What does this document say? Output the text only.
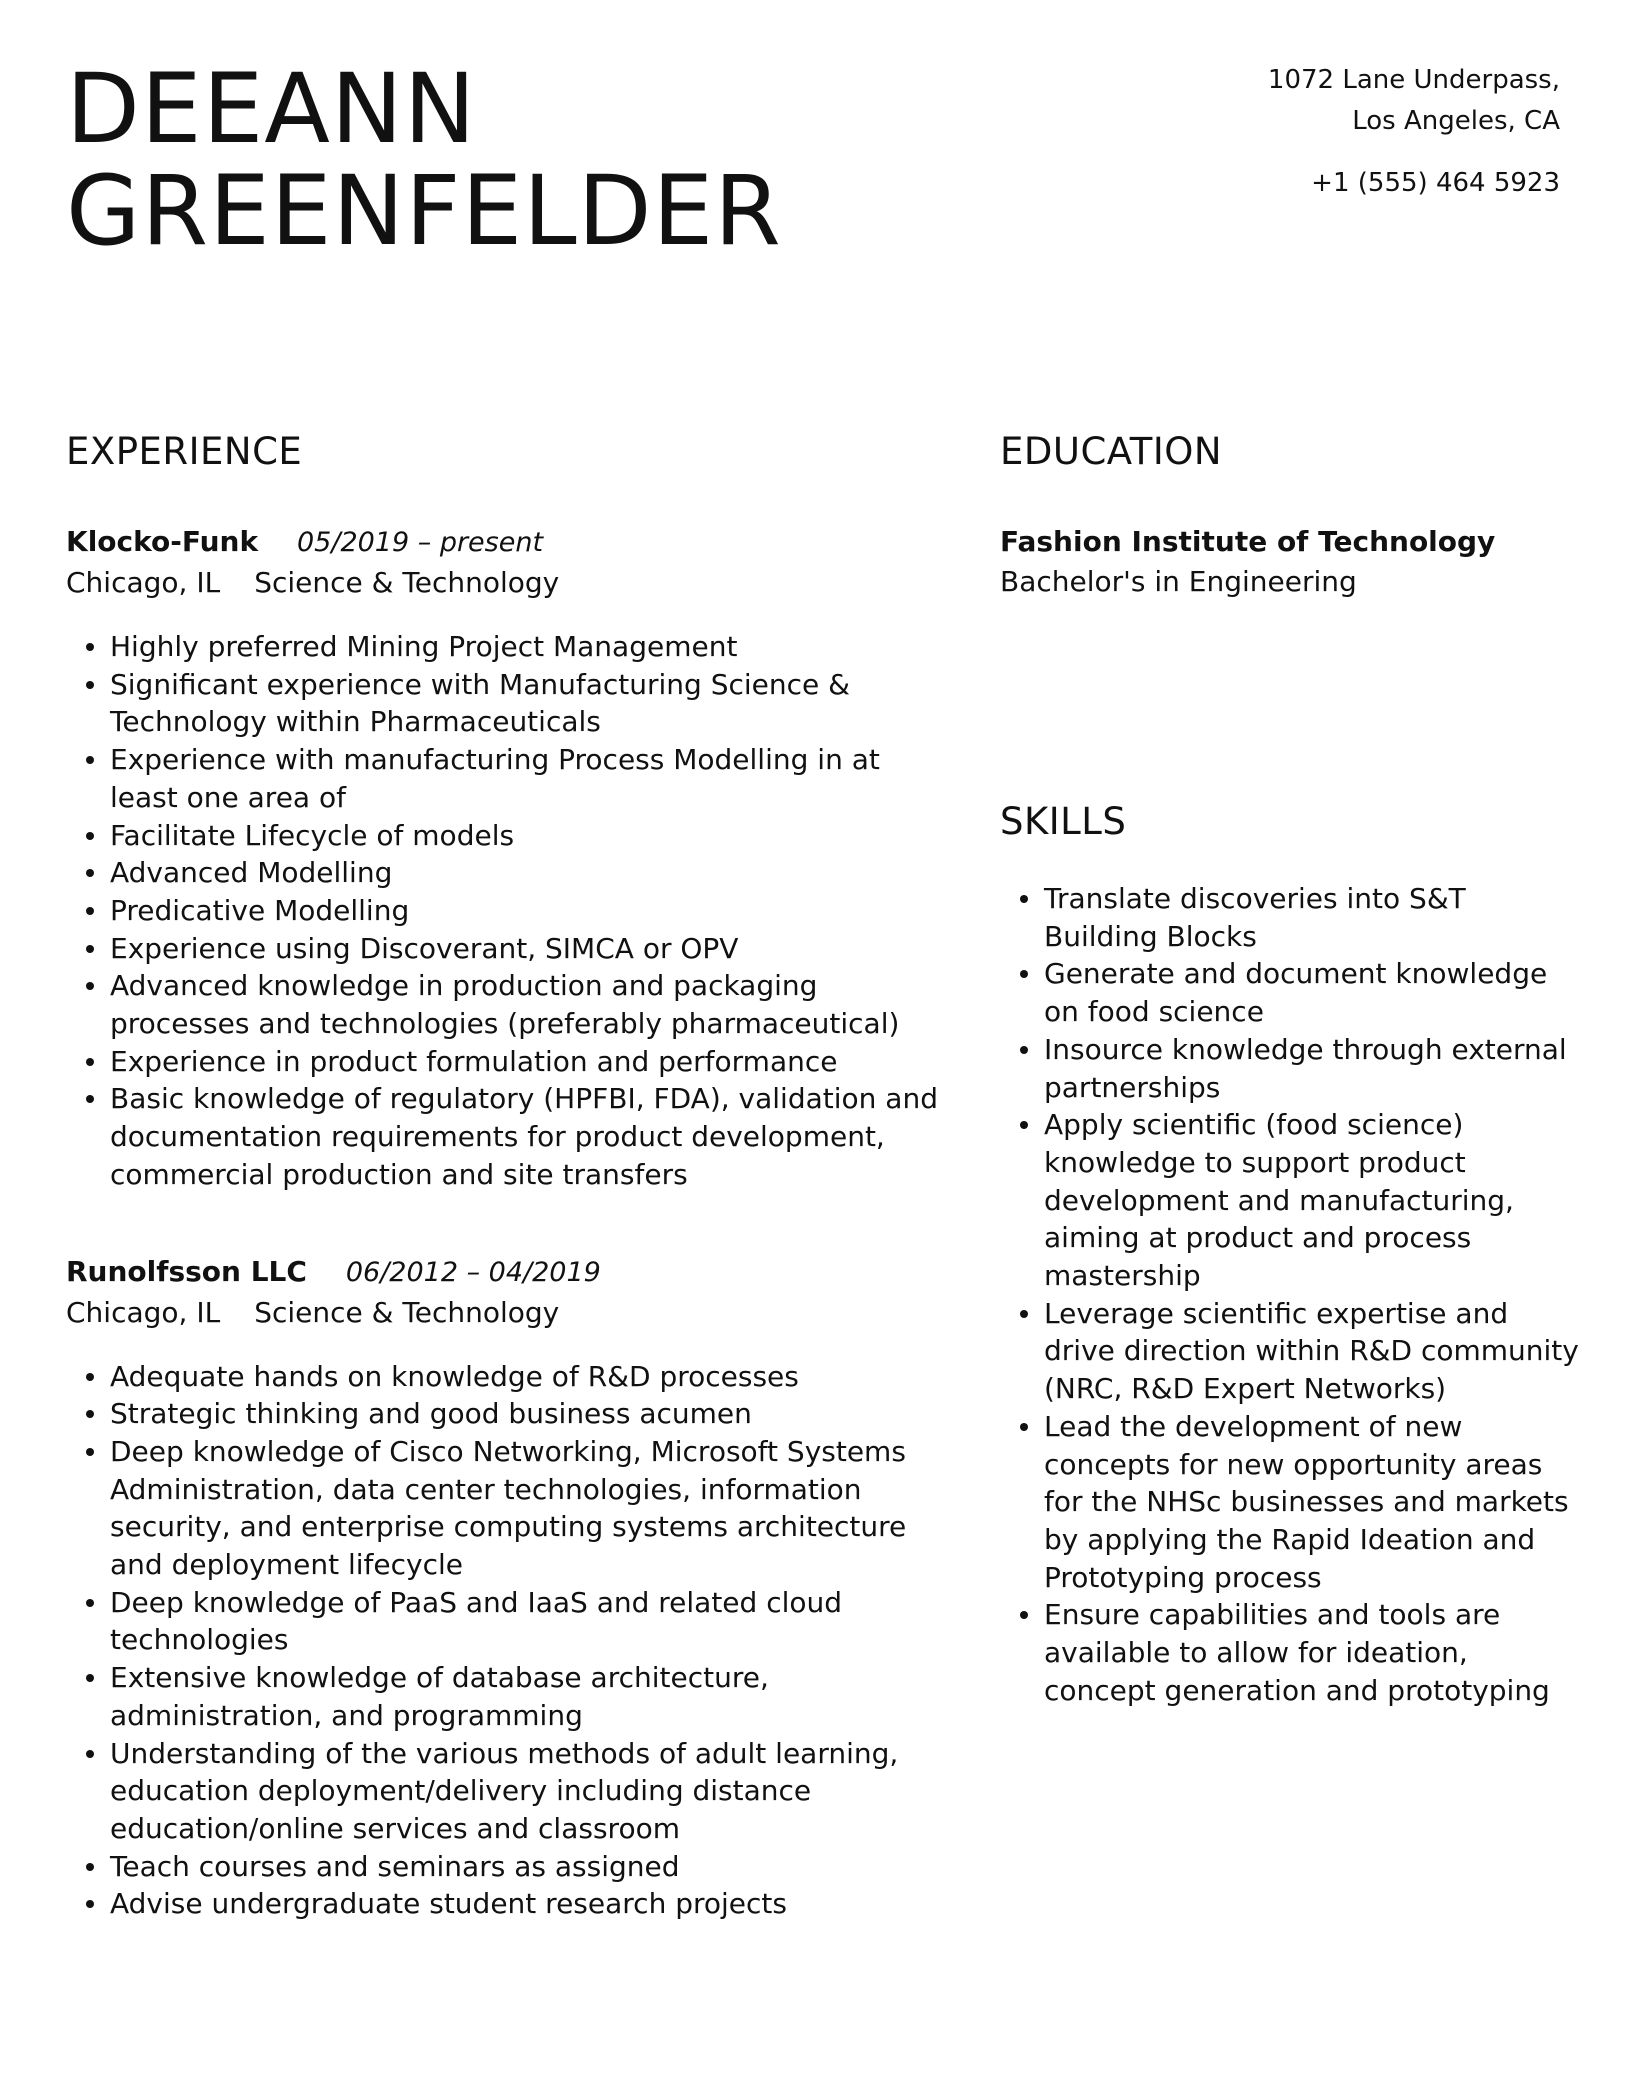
DEEANN
GREENFELDER
1072 Lane Underpass,
Los Angeles, CA
+1 (555) 464 5923
EXPERIENCE
Klocko-Funk 05/2019 – present
Chicago, IL Science & Technology
Highly preferred Mining Project Management
Significant experience with Manufacturing Science & Technology within Pharmaceuticals
Experience with manufacturing Process Modelling in at least one area of
Facilitate Lifecycle of models
Advanced Modelling
Predicative Modelling
Experience using Discoverant, SIMCA or OPV
Advanced knowledge in production and packaging processes and technologies (preferably pharmaceutical)
Experience in product formulation and performance
Basic knowledge of regulatory (HPFBI, FDA), validation and documentation requirements for product development, commercial production and site transfers
Runolfsson LLC 06/2012 – 04/2019
Chicago, IL Science & Technology
Adequate hands on knowledge of R&D processes
Strategic thinking and good business acumen
Deep knowledge of Cisco Networking, Microsoft Systems Administration, data center technologies, information security, and enterprise computing systems architecture and deployment lifecycle
Deep knowledge of PaaS and IaaS and related cloud technologies
Extensive knowledge of database architecture, administration, and programming
Understanding of the various methods of adult learning, education deployment/delivery including distance education/online services and classroom
Teach courses and seminars as assigned
Advise undergraduate student research projects
EDUCATION
Fashion Institute of Technology
Bachelor's in Engineering
SKILLS
Translate discoveries into S&T Building Blocks
Generate and document knowledge on food science
Insource knowledge through external partnerships
Apply scientific (food science) knowledge to support product development and manufacturing, aiming at product and process mastership
Leverage scientific expertise and drive direction within R&D community (NRC, R&D Expert Networks)
Lead the development of new concepts for new opportunity areas for the NHSc businesses and markets by applying the Rapid Ideation and Prototyping process
Ensure capabilities and tools are available to allow for ideation, concept generation and prototyping
